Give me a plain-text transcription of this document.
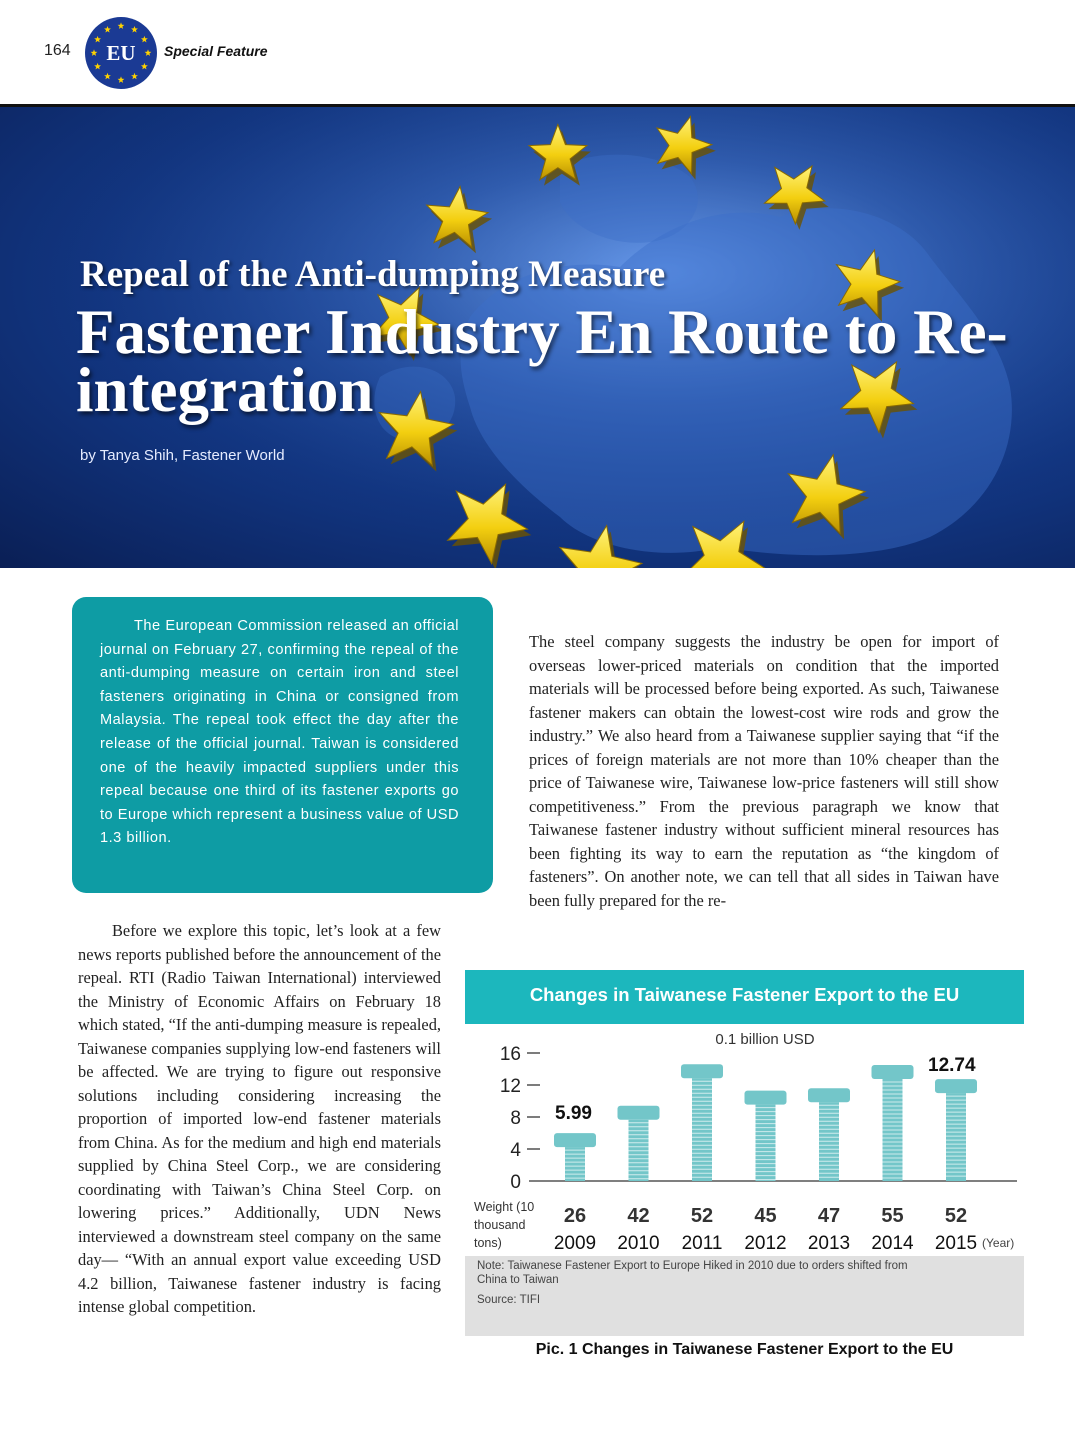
164 EU Special Feature
Repeal of the Anti-dumping Measure
Fastener Industry En Route to Re-integration
by Tanya Shih, Fastener World

The European Commission released an official journal on February 27, confirming the repeal of the anti-dumping measure on certain iron and steel fasteners originating in China or consigned from Malaysia. The repeal took effect the day after the release of the official journal. Taiwan is considered one of the heavily impacted suppliers under this repeal because one third of its fastener exports go to Europe which represent a business value of USD 1.3 billion.

Before we explore this topic, let’s look at a few news reports published before the announcement of the repeal. RTI (Radio Taiwan International) interviewed the Ministry of Economic Affairs on February 18 which stated, “If the anti-dumping measure is repealed, Taiwanese companies supplying low-end fasteners will be affected. We are trying to figure out responsive solutions including considering increasing the proportion of imported low-end fastener materials from China. As for the medium and high end materials supplied by China Steel Corp., we are considering coordinating with Taiwan’s China Steel Corp. on lowering prices.” Additionally, UDN News interviewed a downstream steel company on the same day— “With an annual export value exceeding USD 4.2 billion, Taiwanese fastener industry is facing intense global competition.

The steel company suggests the industry be open for import of overseas lower-priced materials on condition that the imported materials will be processed before being exported. As such, Taiwanese fastener makers can obtain the lowest-cost wire rods and grow the industry.” We also heard from a Taiwanese supplier saying that “if the prices of foreign materials are not more than 10% cheaper than the price of Taiwanese wire, Taiwanese low-price fasteners will still show competitiveness.” From the previous paragraph we know that Taiwanese fastener industry without sufficient mineral resources has been fighting its way to earn the reputation as “the kingdom of fasteners”. On another note, we can tell that all sides in Taiwan have been fully prepared for the re-

Changes in Taiwanese Fastener Export to the EU
0.1 billion USD
0
4
8
12
16
5.99
26
2009
42
2010
52
2011
45
2012
47
2013
55
2014
12.74
52
2015
Weight (10 thousand tons)	(Year)
Note: Taiwanese Fastener Export to Europe Hiked in 2010 due to orders shifted from China to Taiwan
Source: TIFI
Pic. 1 Changes in Taiwanese Fastener Export to the EU
